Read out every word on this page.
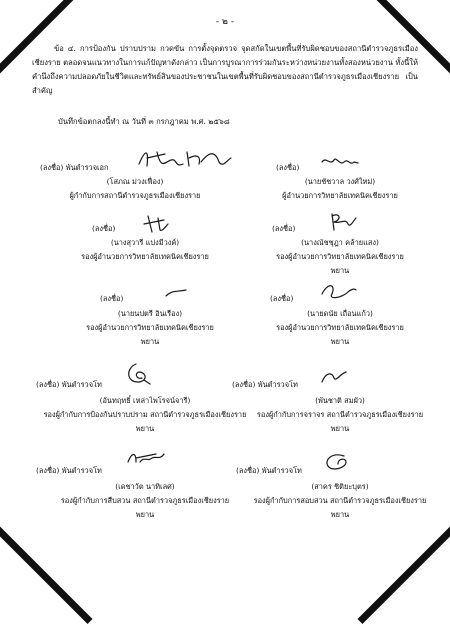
- ๒ -
ข้อ ๔. การป้องกัน ปราบปราม กวดขัน การตั้งจุดตรวจ จุดสกัดในเขตพื้นที่รับผิดชอบของสถานีตำรวจภูธรเมืองเชียงราย ตลอดจนแนวทางในการแก้ปัญหาดังกล่าว เป็นการบูรณาการร่วมกันระหว่างหน่วยงานทั้งสองหน่วยงาน ทั้งนี้ให้คำนึงถึงความปลอดภัยในชีวิตและทรัพย์สินของประชาชนในเขตพื้นที่รับผิดชอบของสถานีตำรวจภูธรเมืองเชียงราย เป็นสำคัญ
บันทึกข้อตกลงนี้ทำ ณ วันที่ ๓ กรกฎาคม พ.ศ. ๒๕๖๘
(ลงชื่อ) พันตำรวจเอก
(โสภณ ม่วงเฟื่อง)
ผู้กำกับการสถานีตำรวจภูธรเมืองเชียงราย
(ลงชื่อ)
(นายชัชวาล วงศ์ใหม่)
ผู้อำนวยการวิทยาลัยเทคนิคเชียงราย
(ลงชื่อ)
(นางสุวารี แปงมีวงค์)
รองผู้อำนวยการวิทยาลัยเทคนิคเชียงราย
(ลงชื่อ)
(นางณัชชุฎา คล้ายแสง)
รองผู้อำนวยการวิทยาลัยเทคนิคเชียงราย
พยาน
(ลงชื่อ)
(นายนปตรี อินเรือง)
รองผู้อำนวยการวิทยาลัยเทคนิคเชียงราย
พยาน
(ลงชื่อ)
(นายดนัย เถื่อนแก้ว)
รองผู้อำนวยการวิทยาลัยเทคนิคเชียงราย
พยาน
(ลงชื่อ) พันตำรวจโท
(อันทฤทธิ์ เหล่าไพโรจน์จารี)
รองผู้กำกับการป้องกันปราบปราม สถานีตำรวจภูธรเมืองเชียงราย
พยาน
(ลงชื่อ) พันตำรวจโท
(พันชาติ สมผัว)
รองผู้กำกับการจราจร สถานีตำรวจภูธรเมืองเชียงราย
พยาน
(ลงชื่อ) พันตำรวจโท
(เดชาวัต นาทิเลศ)
รองผู้กำกับการสืบสวน สถานีตำรวจภูธรเมืองเชียงราย
พยาน
(ลงชื่อ) พันตำรวจโท
(สาคร ชิติยะบุตร)
รองผู้กำกับการสอบสวน สถานีตำรวจภูธรเมืองเชียงราย
พยาน
